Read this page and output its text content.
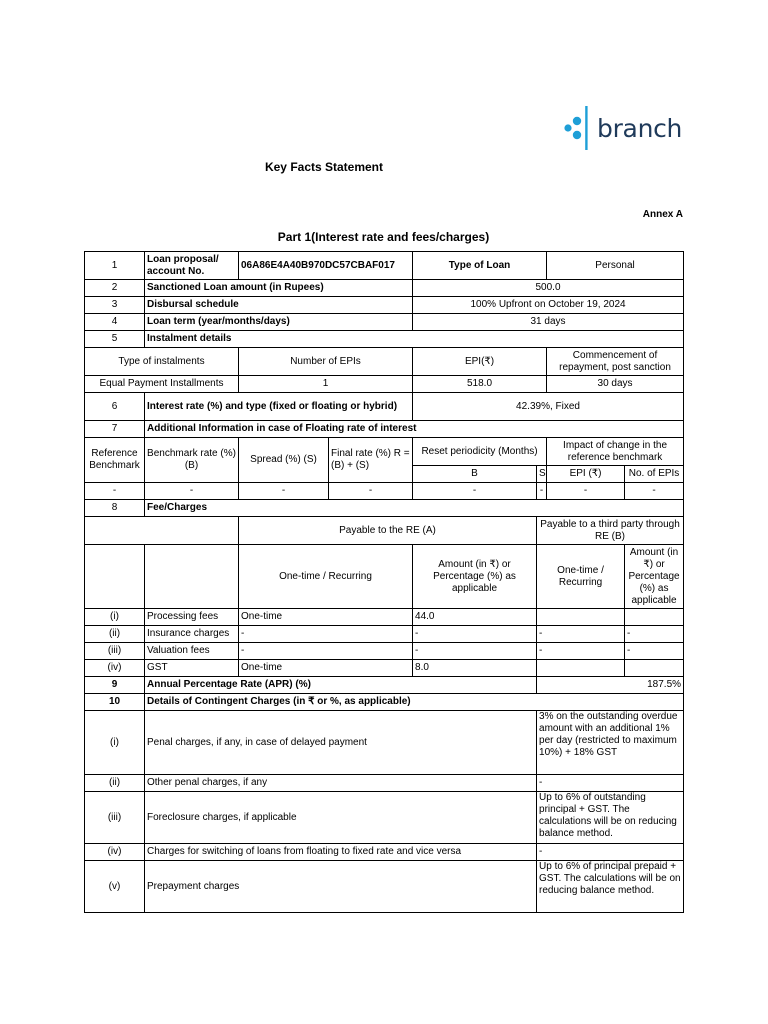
branch
Key Facts Statement
Annex A
Part 1(Interest rate and fees/charges)
1	Loan proposal/ account No.	06A86E4A40B970DC57CBAF017		Type of Loan		Personal	
2	Sanctioned Loan amount (in Rupees)			500.0			
3	Disbursal schedule			100% Upfront on October 19, 2024			
4	Loan term (year/months/days)			31 days			
5	Instalment details						
Type of instalments		Number of EPIs		EPI(₹)		Commencement of repayment, post sanction	
Equal Payment Installments		1		518.0		30 days	
6	Interest rate (%) and type (fixed or floating or hybrid)			42.39%, Fixed			
7	Additional Information in case of Floating rate of interest						
Reference Benchmark	Benchmark rate (%) (B)	Spread (%) (S)	Final rate (%) R = (B) + (S)	Reset periodicity (Months)		Impact of change in the reference benchmark	
				B	S	EPI (₹)	No. of EPIs
-	-	-	-	-	-	-	-
8	Fee/Charges						
		Payable to the RE (A)			Payable to a third party through RE (B)		
		One-time / Recurring		Amount (in ₹) or Percentage (%) as applicable	One-time / Recurring		Amount (in ₹) or Percentage (%) as applicable
(i)	Processing fees	One-time		44.0			
(ii)	Insurance charges	-		-	-		-
(iii)	Valuation fees	-		-	-		-
(iv)	GST	One-time		8.0			
9	Annual Percentage Rate (APR) (%)				187.5%		
10	Details of Contingent Charges (in ₹ or %, as applicable)						
(i)	Penal charges, if any, in case of delayed payment				3% on the outstanding overdue amount with an additional 1% per day (restricted to maximum 10%) + 18% GST		
(ii)	Other penal charges, if any				-		
(iii)	Foreclosure charges, if applicable				Up to 6% of outstanding principal + GST. The calculations will be on reducing balance method.		
(iv)	Charges for switching of loans from floating to fixed rate and vice versa				-		
(v)	Prepayment charges				Up to 6% of principal prepaid + GST. The calculations will be on reducing balance method.		
